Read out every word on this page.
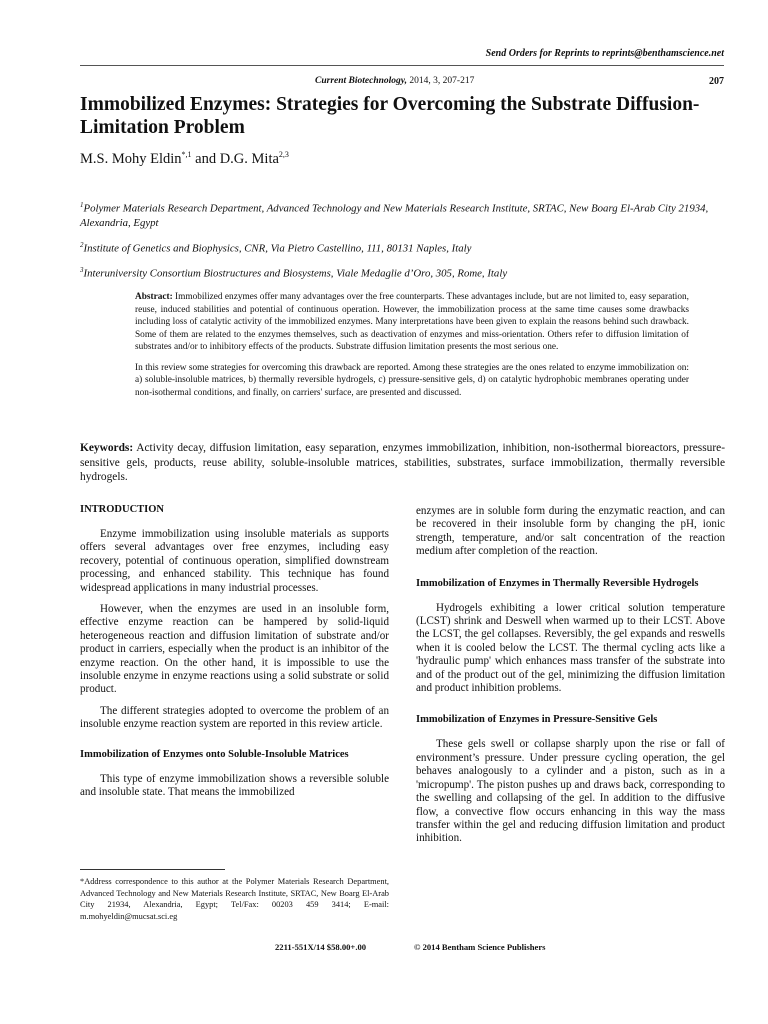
Send Orders for Reprints to reprints@benthamscience.net
Current Biotechnology, 2014, 3, 207-217	207
Immobilized Enzymes: Strategies for Overcoming the Substrate Diffusion-Limitation Problem
M.S. Mohy Eldin$^{*,1}$ and D.G. Mita$^{2,3}$

$^1$Polymer Materials Research Department, Advanced Technology and New Materials Research Institute, SRTAC, New Boarg El-Arab City 21934, Alexandria, Egypt

$^2$Institute of Genetics and Biophysics, CNR, Via Pietro Castellino, 111, 80131 Naples, Italy

$^3$Interuniversity Consortium Biostructures and Biosystems, Viale Medaglie d’Oro, 305, Rome, Italy

Abstract: Immobilized enzymes offer many advantages over the free counterparts. These advantages include, but are not limited to, easy separation, reuse, induced stabilities and potential of continuous operation. However, the immobilization process at the same time causes some drawbacks including loss of catalytic activity of the immobilized enzymes. Many interpretations have been given to explain the reasons behind such drawback. Some of them are related to the enzymes themselves, such as deactivation of enzymes and miss-orientation. Others refer to diffusion limitation of substrates and/or to inhibitory effects of the products. Substrate diffusion limitation presents the most serious one.

In this review some strategies for overcoming this drawback are reported. Among these strategies are the ones related to enzyme immobilization on: a) soluble-insoluble matrices, b) thermally reversible hydrogels, c) pressure-sensitive gels, d) on catalytic hydrophobic membranes operating under non-isothermal conditions, and finally, on carriers' surface, are presented and discussed.

Keywords: Activity decay, diffusion limitation, easy separation, enzymes immobilization, inhibition, non-isothermal bioreactors, pressure-sensitive gels, products, reuse ability, soluble-insoluble matrices, stabilities, substrates, surface immobilization, thermally reversible hydrogels.
INTRODUCTION

Enzyme immobilization using insoluble materials as supports offers several advantages over free enzymes, including easy recovery, potential of continuous operation, simplified downstream processing, and enhanced stability. This technique has found widespread applications in many industrial processes.

However, when the enzymes are used in an insoluble form, effective enzyme reaction can be hampered by solid-liquid heterogeneous reaction and diffusion limitation of substrate and/or product in carriers, especially when the product is an inhibitor of the enzyme reaction. On the other hand, it is impossible to use the insoluble enzyme in enzyme reactions using a solid substrate or solid product.

The different strategies adopted to overcome the problem of an insoluble enzyme reaction system are reported in this review article.

Immobilization of Enzymes onto Soluble-Insoluble Matrices

This type of enzyme immobilization shows a reversible soluble and insoluble state. That means the immobilized

enzymes are in soluble form during the enzymatic reaction, and can be recovered in their insoluble form by changing the pH, ionic strength, temperature, and/or salt concentration of the reaction medium after completion of the reaction.

Immobilization of Enzymes in Thermally Reversible Hydrogels

Hydrogels exhibiting a lower critical solution temperature (LCST) shrink and Deswell when warmed up to their LCST. Above the LCST, the gel collapses. Reversibly, the gel expands and reswells when it is cooled below the LCST. The thermal cycling acts like a 'hydraulic pump' which enhances mass transfer of the substrate into and of the product out of the gel, minimizing the diffusion limitation and product inhibition problems.

Immobilization of Enzymes in Pressure-Sensitive Gels

These gels swell or collapse sharply upon the rise or fall of environment’s pressure. Under pressure cycling operation, the gel behaves analogously to a cylinder and a piston, such as in a 'micropump'. The piston pushes up and draws back, corresponding to the swelling and collapsing of the gel. In addition to the diffusive flow, a convective flow occurs enhancing in this way the mass transfer within the gel and reducing diffusion limitation and product inhibition.

*Address correspondence to this author at the Polymer Materials Research Department, Advanced Technology and New Materials Research Institute, SRTAC, New Boarg El-Arab City 21934, Alexandria, Egypt; Tel/Fax: 00203 459 3414; E-mail: m.mohyeldin@mucsat.sci.eg
2211-551X/14 $58.00+.00	© 2014 Bentham Science Publishers
